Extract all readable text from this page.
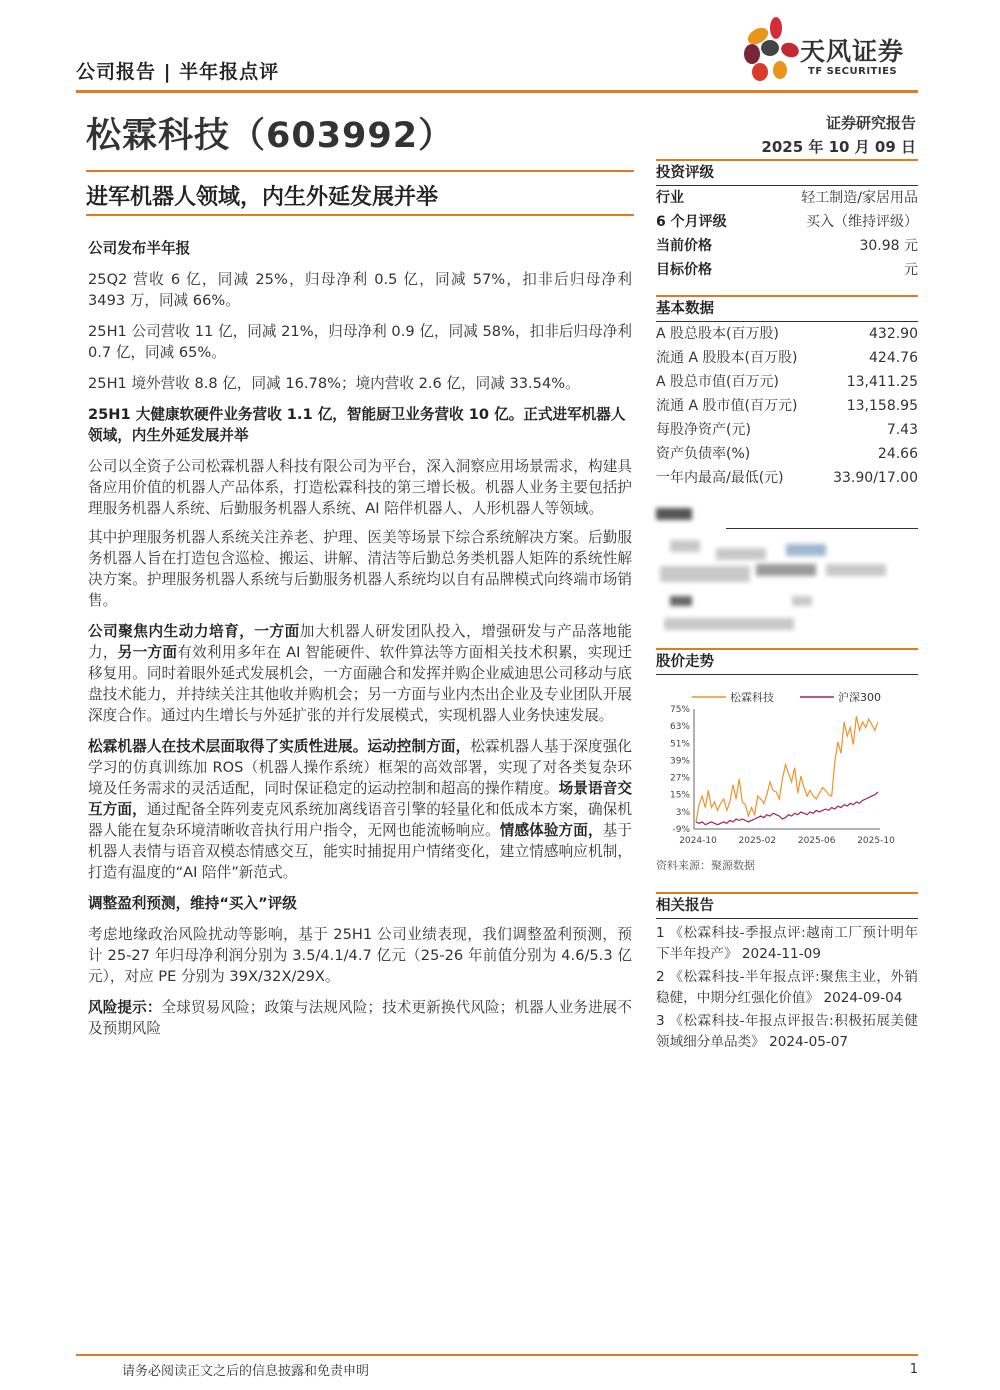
公司报告 | 半年报点评
天风证券
TF SECURITIES
松霖科技（603992）	证券研究报告
2025 年 10 月 09 日
进军机器人领域，内生外延发展并举
公司发布半年报

25Q2 营收 6 亿，同减 25%，归母净利 0.5 亿，同减 57%，扣非后归母净利 3493 万，同减 66%。

25H1 公司营收 11 亿，同减 21%，归母净利 0.9 亿，同减 58%，扣非后归母净利 0.7 亿，同减 65%。

25H1 境外营收 8.8 亿，同减 16.78%；境内营收 2.6 亿，同减 33.54%。

25H1 大健康软硬件业务营收 1.1 亿，智能厨卫业务营收 10 亿。正式进军机器人领域，内生外延发展并举

公司以全资子公司松霖机器人科技有限公司为平台，深入洞察应用场景需求，构建具备应用价值的机器人产品体系，打造松霖科技的第三增长极。机器人业务主要包括护理服务机器人系统、后勤服务机器人系统、AI 陪伴机器人、人形机器人等领域。

其中护理服务机器人系统关注养老、护理、医美等场景下综合系统解决方案。后勤服务机器人旨在打造包含巡检、搬运、讲解、清洁等后勤总务类机器人矩阵的系统性解决方案。护理服务机器人系统与后勤服务机器人系统均以自有品牌模式向终端市场销售。

公司聚焦内生动力培育，一方面加大机器人研发团队投入，增强研发与产品落地能力，另一方面有效利用多年在 AI 智能硬件、软件算法等方面相关技术积累，实现迁移复用。同时着眼外延式发展机会，一方面融合和发挥并购企业威迪思公司移动与底盘技术能力，并持续关注其他收并购机会；另一方面与业内杰出企业及专业团队开展深度合作。通过内生增长与外延扩张的并行发展模式，实现机器人业务快速发展。

松霖机器人在技术层面取得了实质性进展。运动控制方面，松霖机器人基于深度强化学习的仿真训练加 ROS（机器人操作系统）框架的高效部署，实现了对各类复杂环境及任务需求的灵活适配，同时保证稳定的运动控制和超高的操作精度。场景语音交互方面，通过配备全阵列麦克风系统加离线语音引擎的轻量化和低成本方案，确保机器人能在复杂环境清晰收音执行用户指令，无网也能流畅响应。情感体验方面，基于机器人表情与语音双模态情感交互，能实时捕捉用户情绪变化，建立情感响应机制，打造有温度的“AI 陪伴”新范式。

调整盈利预测，维持“买入”评级

考虑地缘政治风险扰动等影响，基于 25H1 公司业绩表现，我们调整盈利预测，预计 25-27 年归母净利润分别为 3.5/4.1/4.7 亿元（25-26 年前值分别为 4.6/5.3 亿元），对应 PE 分别为 39X/32X/29X。

风险提示：全球贸易风险；政策与法规风险；技术更新换代风险；机器人业务进展不及预期风险

投资评级
行业	轻工制造/家居用品
6 个月评级	买入（维持评级）
当前价格	30.98 元
目标价格	元
基本数据
A 股总股本(百万股)	432.90
流通 A 股股本(百万股)	424.76
A 股总市值(百万元)	13,411.25
流通 A 股市值(百万元)	13,158.95
每股净资产(元)	7.43
资产负债率(%)	24.66
一年内最高/最低(元)	33.90/17.00
股价走势
松霖科技	沪深300
75%
63%
51%
39%
27%
15%
3%
-9%
2024-10 2025-02 2025-06 2025-10
资料来源：聚源数据
相关报告
1 《松霖科技-季报点评:越南工厂预计明年下半年投产》 2024-11-09
2 《松霖科技-半年报点评:聚焦主业，外销稳健，中期分红强化价值》 2024-09-04
3 《松霖科技-年报点评报告:积极拓展美健领域细分单品类》 2024-05-07
请务必阅读正文之后的信息披露和免责申明	1
